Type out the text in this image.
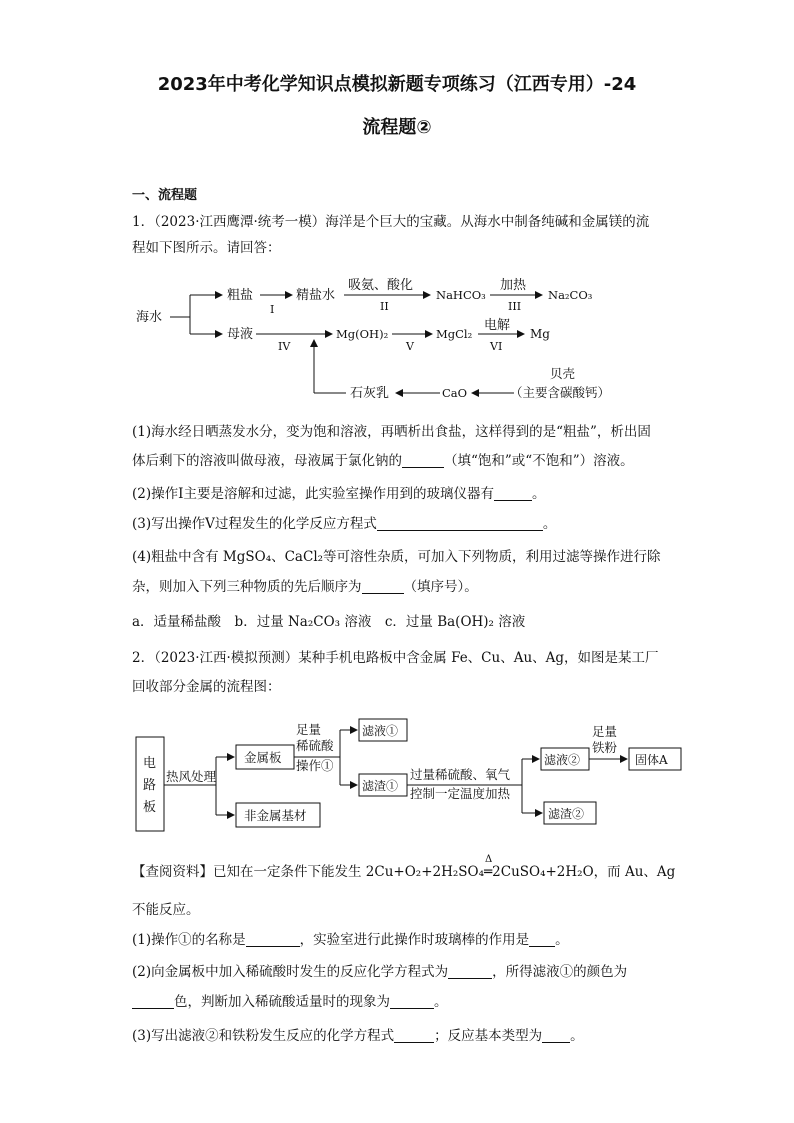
2023年中考化学知识点模拟新题专项练习（江西专用）-24
流程题②
一、流程题
1．（2023·江西鹰潭·统考一模）海洋是个巨大的宝藏。从海水中制备纯碱和金属镁的流
程如下图所示。请回答：
海水
粗盐
I
精盐水
吸氨、酸化
II
NaHCO₃
加热
III
Na₂CO₃
母液
IV
Mg(OH)₂
V
MgCl₂
电解
VI
Mg
贝壳
（主要含碳酸钙）
CaO
石灰乳
(1)海水经日晒蒸发水分，变为饱和溶液，再晒析出食盐，这样得到的是“粗盐”，析出固
体后剩下的溶液叫做母液，母液属于氯化钠的	（填“饱和”或“不饱和”）溶液。
(2)操作Ⅰ主要是溶解和过滤，此实验室操作用到的玻璃仪器有	。
(3)写出操作Ⅴ过程发生的化学反应方程式	。
(4)粗盐中含有 MgSO₄、CaCl₂等可溶性杂质，可加入下列物质，利用过滤等操作进行除
杂，则加入下列三种物质的先后顺序为	（填序号）。
a．适量稀盐酸　b．过量 Na₂CO₃ 溶液　c．过量 Ba(OH)₂ 溶液
2．（2023·江西·模拟预测）某种手机电路板中含金属 Fe、Cu、Au、Ag，如图是某工厂
回收部分金属的流程图：
电
路
板
热风处理
金属板
非金属基材
足量
稀硫酸
操作①
滤液①
滤渣①
过量稀硫酸、氧气
控制一定温度加热
滤液②
足量
铁粉
固体A
滤渣②
【查阅资料】已知在一定条件下能发生 2Cu+O₂+2H₂SO₄
Δ
═2CuSO₄+2H₂O，而 Au、Ag
不能反应。
(1)操作①的名称是	，实验室进行此操作时玻璃棒的作用是 。
(2)向金属板中加入稀硫酸时发生的反应化学方程式为	，所得滤液①的颜色为
色，判断加入稀硫酸适量时的现象为	。
(3)写出滤液②和铁粉发生反应的化学方程式	；反应基本类型为 。
